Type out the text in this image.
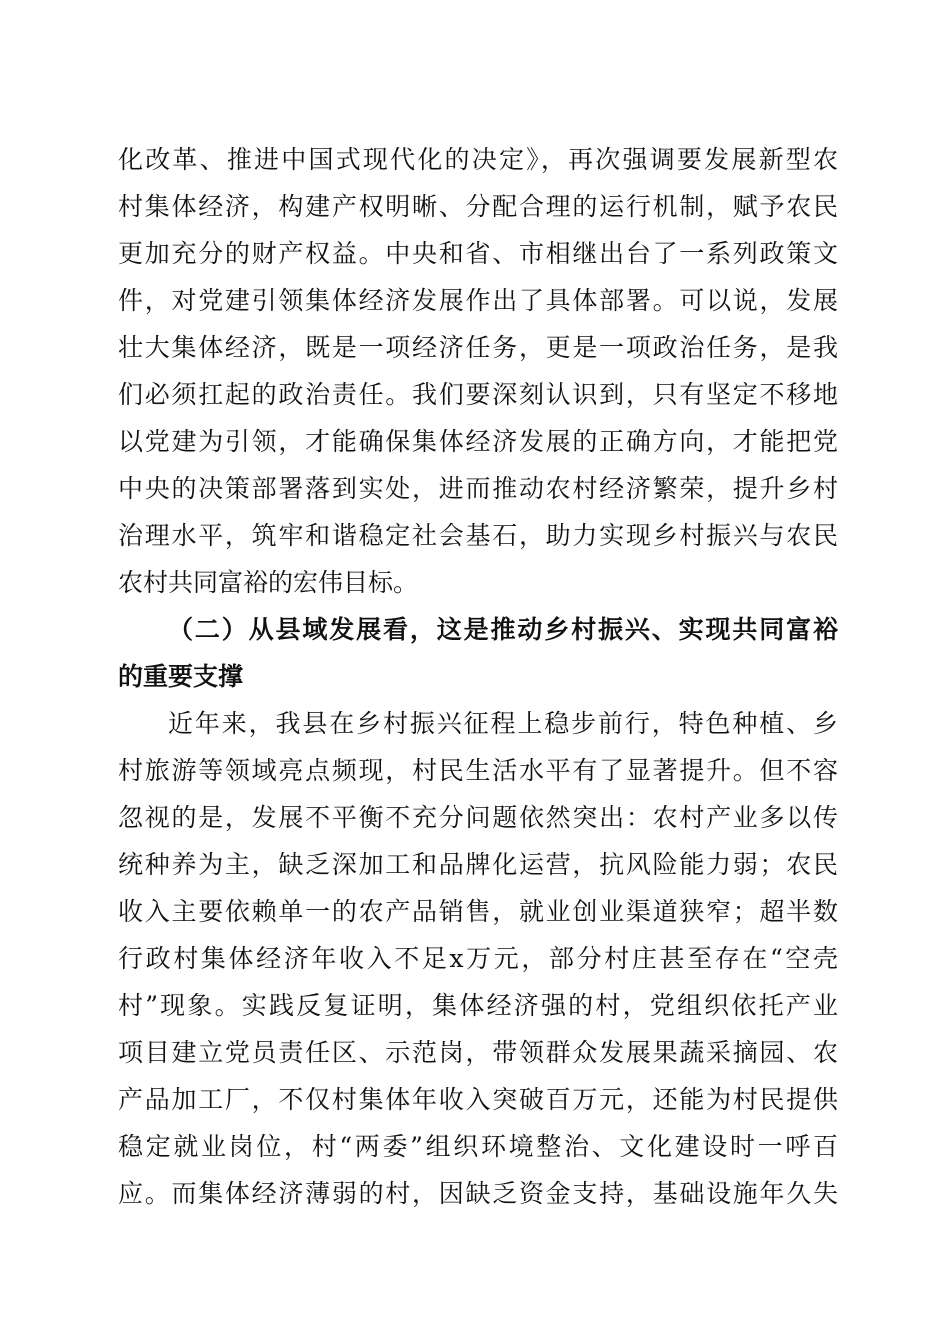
化改革、推进中国式现代化的决定》，再次强调要发展新型农
村集体经济，构建产权明晰、分配合理的运行机制，赋予农民
更加充分的财产权益。中央和省、市相继出台了一系列政策文
件，对党建引领集体经济发展作出了具体部署。可以说，发展
壮大集体经济，既是一项经济任务，更是一项政治任务，是我
们必须扛起的政治责任。我们要深刻认识到，只有坚定不移地
以党建为引领，才能确保集体经济发展的正确方向，才能把党
中央的决策部署落到实处，进而推动农村经济繁荣，提升乡村
治理水平，筑牢和谐稳定社会基石，助力实现乡村振兴与农民
农村共同富裕的宏伟目标。
（二）从县域发展看，这是推动乡村振兴、实现共同富裕
的重要支撑
近年来，我县在乡村振兴征程上稳步前行，特色种植、乡
村旅游等领域亮点频现，村民生活水平有了显著提升。但不容
忽视的是，发展不平衡不充分问题依然突出：农村产业多以传
统种养为主，缺乏深加工和品牌化运营，抗风险能力弱；农民
收入主要依赖单一的农产品销售，就业创业渠道狭窄；超半数
行政村集体经济年收入不足x万元，部分村庄甚至存在“空壳
村”现象。实践反复证明，集体经济强的村，党组织依托产业
项目建立党员责任区、示范岗，带领群众发展果蔬采摘园、农
产品加工厂，不仅村集体年收入突破百万元，还能为村民提供
稳定就业岗位，村“两委”组织环境整治、文化建设时一呼百
应。而集体经济薄弱的村，因缺乏资金支持，基础设施年久失
